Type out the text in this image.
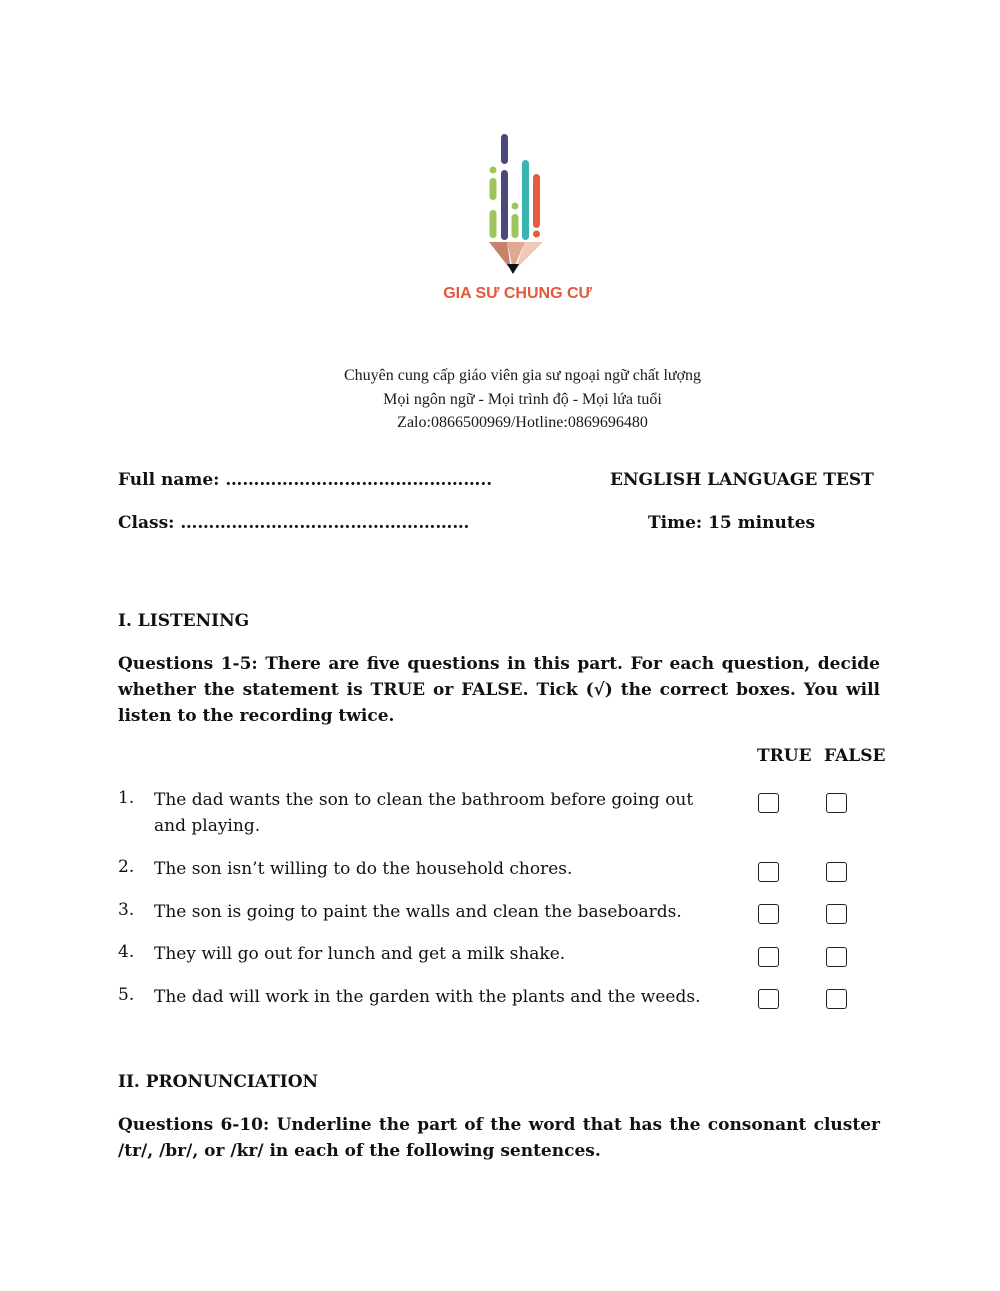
GIA SƯ CHUNG CƯ
Chuyên cung cấp giáo viên gia sư ngoại ngữ chất lượng
Mọi ngôn ngữ - Mọi trình độ - Mọi lứa tuổi
Zalo:0866500969/Hotline:0869696480
Full name: ………………………………………..	ENGLISH LANGUAGE TEST
Class: ……………………………………………	Time: 15 minutes
I. LISTENING
Questions 1-5: There are five questions in this part. For each question, decide whether the statement is TRUE or FALSE. Tick (√) the correct boxes. You will listen to the recording twice.
TRUE FALSE
1. The dad wants the son to clean the bathroom before going out and playing.
2. The son isn’t willing to do the household chores.
3. The son is going to paint the walls and clean the baseboards.
4. They will go out for lunch and get a milk shake.
5. The dad will work in the garden with the plants and the weeds.
II. PRONUNCIATION
Questions 6-10: Underline the part of the word that has the consonant cluster /tr/, /br/, or /kr/ in each of the following sentences.
